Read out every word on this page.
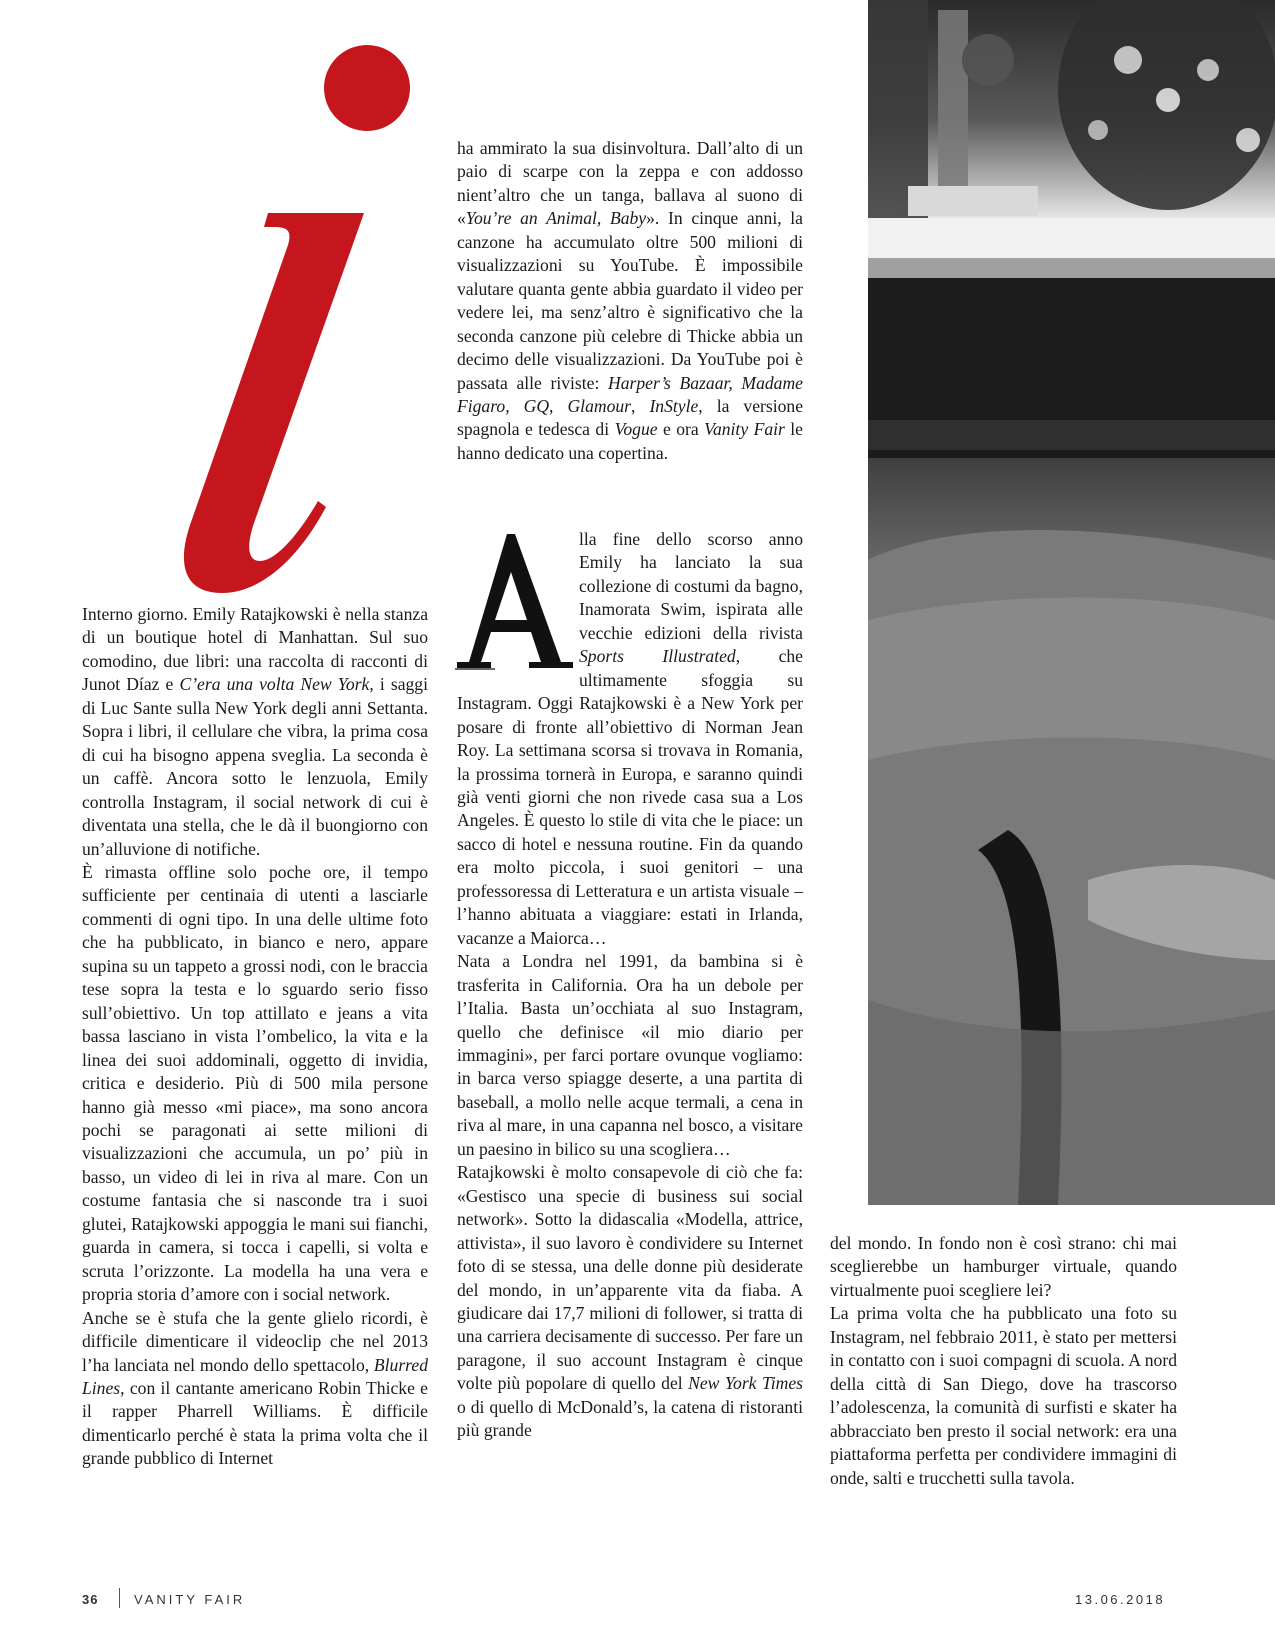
Interno giorno. Emily Ratajkowski è nella stanza di un boutique hotel di Manhattan. Sul suo comodino, due libri: una raccolta di racconti di Junot Díaz e C’era una volta New York, i saggi di Luc Sante sulla New York degli anni Settanta. Sopra i libri, il cellulare che vibra, la prima cosa di cui ha bisogno appena sveglia. La seconda è un caffè. Ancora sotto le lenzuola, Emily controlla Instagram, il social network di cui è diventata una stella, che le dà il buongiorno con un’alluvione di notifiche.

È rimasta offline solo poche ore, il tempo sufficiente per centinaia di utenti a lasciarle commenti di ogni tipo. In una delle ultime foto che ha pubblicato, in bianco e nero, appare supina su un tappeto a grossi nodi, con le braccia tese sopra la testa e lo sguardo serio fisso sull’obiettivo. Un top attillato e jeans a vita bassa lasciano in vista l’ombelico, la vita e la linea dei suoi addominali, oggetto di invidia, critica e desiderio. Più di 500 mila persone hanno già messo «mi piace», ma sono ancora pochi se paragonati ai sette milioni di visualizzazioni che accumula, un po’ più in basso, un video di lei in riva al mare. Con un costume fantasia che si nasconde tra i suoi glutei, Ratajkowski appoggia le mani sui fianchi, guarda in camera, si tocca i capelli, si volta e scruta l’orizzonte. La modella ha una vera e propria storia d’amore con i social network.

Anche se è stufa che la gente glielo ricordi, è difficile dimenticare il videoclip che nel 2013 l’ha lanciata nel mondo dello spettacolo, Blurred Lines, con il cantante americano Robin Thicke e il rapper Pharrell Williams. È difficile dimenticarlo perché è stata la prima volta che il grande pubblico di Internet

ha ammirato la sua disinvoltura. Dall’alto di un paio di scarpe con la zeppa e con addosso nient’altro che un tanga, ballava al suono di «You’re an Animal, Baby». In cinque anni, la canzone ha accumulato oltre 500 milioni di visualizzazioni su YouTube. È impossibile valutare quanta gente abbia guardato il video per vedere lei, ma senz’altro è significativo che la seconda canzone più celebre di Thicke abbia un decimo delle visualizzazioni. Da YouTube poi è passata alle riviste: Harper’s Bazaar, Madame Figaro, GQ, Glamour, InStyle, la versione spagnola e tedesca di Vogue e ora Vanity Fair le hanno dedicato una copertina.

lla fine dello scorso anno Emily ha lanciato la sua collezione di costumi da bagno, Inamorata Swim, ispirata alle vecchie edizioni della rivista Sports Illustrated, che ultimamente sfoggia su Instagram. Oggi Ratajkowski è a New York per posare di fronte all’obiettivo di Norman Jean Roy. La settimana scorsa si trovava in Romania, la prossima tornerà in Europa, e saranno quindi già venti giorni che non rivede casa sua a Los Angeles. È questo lo stile di vita che le piace: un sacco di hotel e nessuna routine. Fin da quando era molto piccola, i suoi genitori – una professoressa di Letteratura e un artista visuale – l’hanno abituata a viaggiare: estati in Irlanda, vacanze a Maiorca…

Nata a Londra nel 1991, da bambina si è trasferita in California. Ora ha un debole per l’Italia. Basta un’occhiata al suo Instagram, quello che definisce «il mio diario per immagini», per farci portare ovunque vogliamo: in barca verso spiagge deserte, a una partita di baseball, a mollo nelle acque termali, a cena in riva al mare, in una capanna nel bosco, a visitare un paesino in bilico su una scogliera…

Ratajkowski è molto consapevole di ciò che fa: «Gestisco una specie di business sui social network». Sotto la didascalia «Modella, attrice, attivista», il suo lavoro è condividere su Internet foto di se stessa, una delle donne più desiderate del mondo, in un’apparente vita da fiaba. A giudicare dai 17,7 milioni di follower, si tratta di una carriera decisamente di successo. Per fare un paragone, il suo account Instagram è cinque volte più popolare di quello del New York Times o di quello di McDonald’s, la catena di ristoranti più grande

del mondo. In fondo non è così strano: chi mai sceglierebbe un hamburger virtuale, quando virtualmente puoi scegliere lei?

La prima volta che ha pubblicato una foto su Instagram, nel febbraio 2011, è stato per mettersi in contatto con i suoi compagni di scuola. A nord della città di San Diego, dove ha trascorso l’adolescenza, la comunità di surfisti e skater ha abbracciato ben presto il social network: era una piattaforma perfetta per condividere immagini di onde, salti e trucchetti sulla tavola.

36	VANITY FAIR	13.06.2018
